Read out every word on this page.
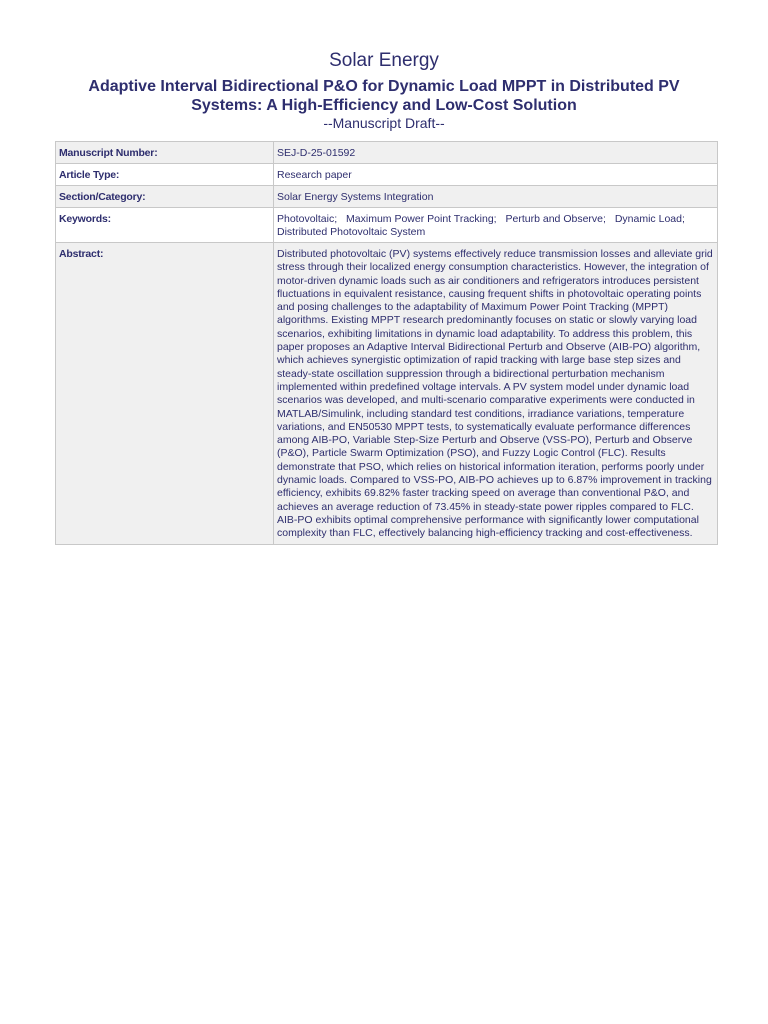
Solar Energy
Adaptive Interval Bidirectional P&O for Dynamic Load MPPT in Distributed PV Systems: A High-Efficiency and Low-Cost Solution
--Manuscript Draft--
Manuscript Number:	SEJ-D-25-01592
Article Type:	Research paper
Section/Category:	Solar Energy Systems Integration
Keywords:	Photovoltaic; Maximum Power Point Tracking; Perturb and Observe; Dynamic Load; Distributed Photovoltaic System
Abstract:	Distributed photovoltaic (PV) systems effectively reduce transmission losses and alleviate grid stress through their localized energy consumption characteristics. However, the integration of motor-driven dynamic loads such as air conditioners and refrigerators introduces persistent fluctuations in equivalent resistance, causing frequent shifts in photovoltaic operating points and posing challenges to the adaptability of Maximum Power Point Tracking (MPPT) algorithms. Existing MPPT research predominantly focuses on static or slowly varying load scenarios, exhibiting limitations in dynamic load adaptability. To address this problem, this paper proposes an Adaptive Interval Bidirectional Perturb and Observe (AIB-PO) algorithm, which achieves synergistic optimization of rapid tracking with large base step sizes and steady-state oscillation suppression through a bidirectional perturbation mechanism implemented within predefined voltage intervals. A PV system model under dynamic load scenarios was developed, and multi-scenario comparative experiments were conducted in MATLAB/Simulink, including standard test conditions, irradiance variations, temperature variations, and EN50530 MPPT tests, to systematically evaluate performance differences among AIB-PO, Variable Step-Size Perturb and Observe (VSS-PO), Perturb and Observe (P&O), Particle Swarm Optimization (PSO), and Fuzzy Logic Control (FLC). Results demonstrate that PSO, which relies on historical information iteration, performs poorly under dynamic loads. Compared to VSS-PO, AIB-PO achieves up to 6.87% improvement in tracking efficiency, exhibits 69.82% faster tracking speed on average than conventional P&O, and achieves an average reduction of 73.45% in steady-state power ripples compared to FLC. AIB-PO exhibits optimal comprehensive performance with significantly lower computational complexity than FLC, effectively balancing high-efficiency tracking and cost-effectiveness.
